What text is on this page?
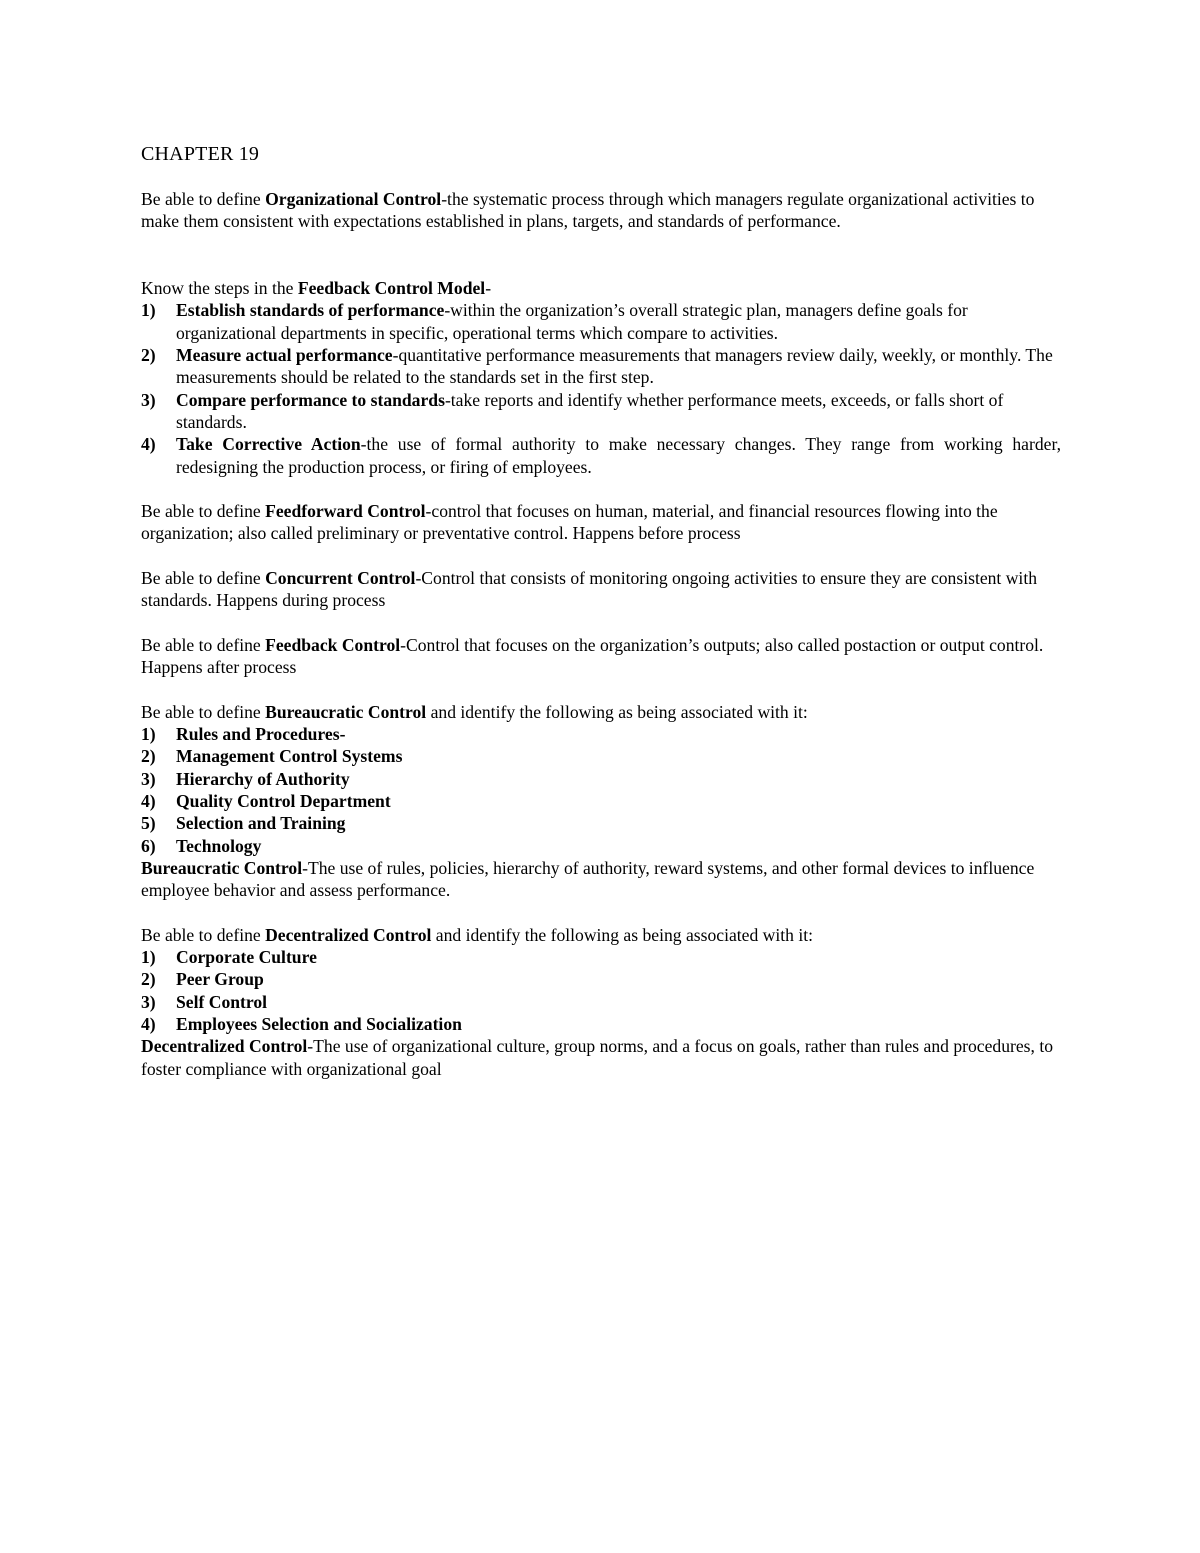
CHAPTER 19

Be able to define Organizational Control-the systematic process through which managers regulate organizational activities to make them consistent with expectations established in plans, targets, and standards of performance.

Know the steps in the Feedback Control Model-

1) Establish standards of performance-within the organization’s overall strategic plan, managers define goals for organizational departments in specific, operational terms which compare to activities.
2) Measure actual performance-quantitative performance measurements that managers review daily, weekly, or monthly. The measurements should be related to the standards set in the first step.
3) Compare performance to standards-take reports and identify whether performance meets, exceeds, or falls short of standards.
4) Take Corrective Action-the use of formal authority to make necessary changes. They range from working harder, redesigning the production process, or firing of employees.

Be able to define Feedforward Control-control that focuses on human, material, and financial resources flowing into the organization; also called preliminary or preventative control. Happens before process

Be able to define Concurrent Control-Control that consists of monitoring ongoing activities to ensure they are consistent with standards. Happens during process

Be able to define Feedback Control-Control that focuses on the organization’s outputs; also called postaction or output control. Happens after process

Be able to define Bureaucratic Control and identify the following as being associated with it:

1) Rules and Procedures-
2) Management Control Systems
3) Hierarchy of Authority
4) Quality Control Department
5) Selection and Training
6) Technology

Bureaucratic Control-The use of rules, policies, hierarchy of authority, reward systems, and other formal devices to influence employee behavior and assess performance.

Be able to define Decentralized Control and identify the following as being associated with it:

1) Corporate Culture
2) Peer Group
3) Self Control
4) Employees Selection and Socialization

Decentralized Control-The use of organizational culture, group norms, and a focus on goals, rather than rules and procedures, to foster compliance with organizational goal
